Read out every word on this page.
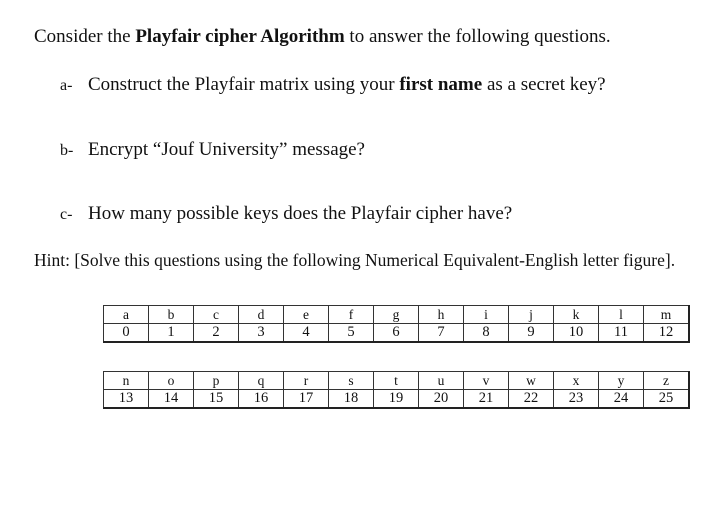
Consider the Playfair cipher Algorithm to answer the following questions.
a- Construct the Playfair matrix using your first name as a secret key?
b- Encrypt “Jouf University” message?
c- How many possible keys does the Playfair cipher have?
Hint: [Solve this questions using the following Numerical Equivalent-English letter figure].
a	b	c	d	e	f	g	h	i	j	k	l	m
0	1	2	3	4	5	6	7	8	9	10	11	12
n	o	p	q	r	s	t	u	v	w	x	y	z
13	14	15	16	17	18	19	20	21	22	23	24	25
